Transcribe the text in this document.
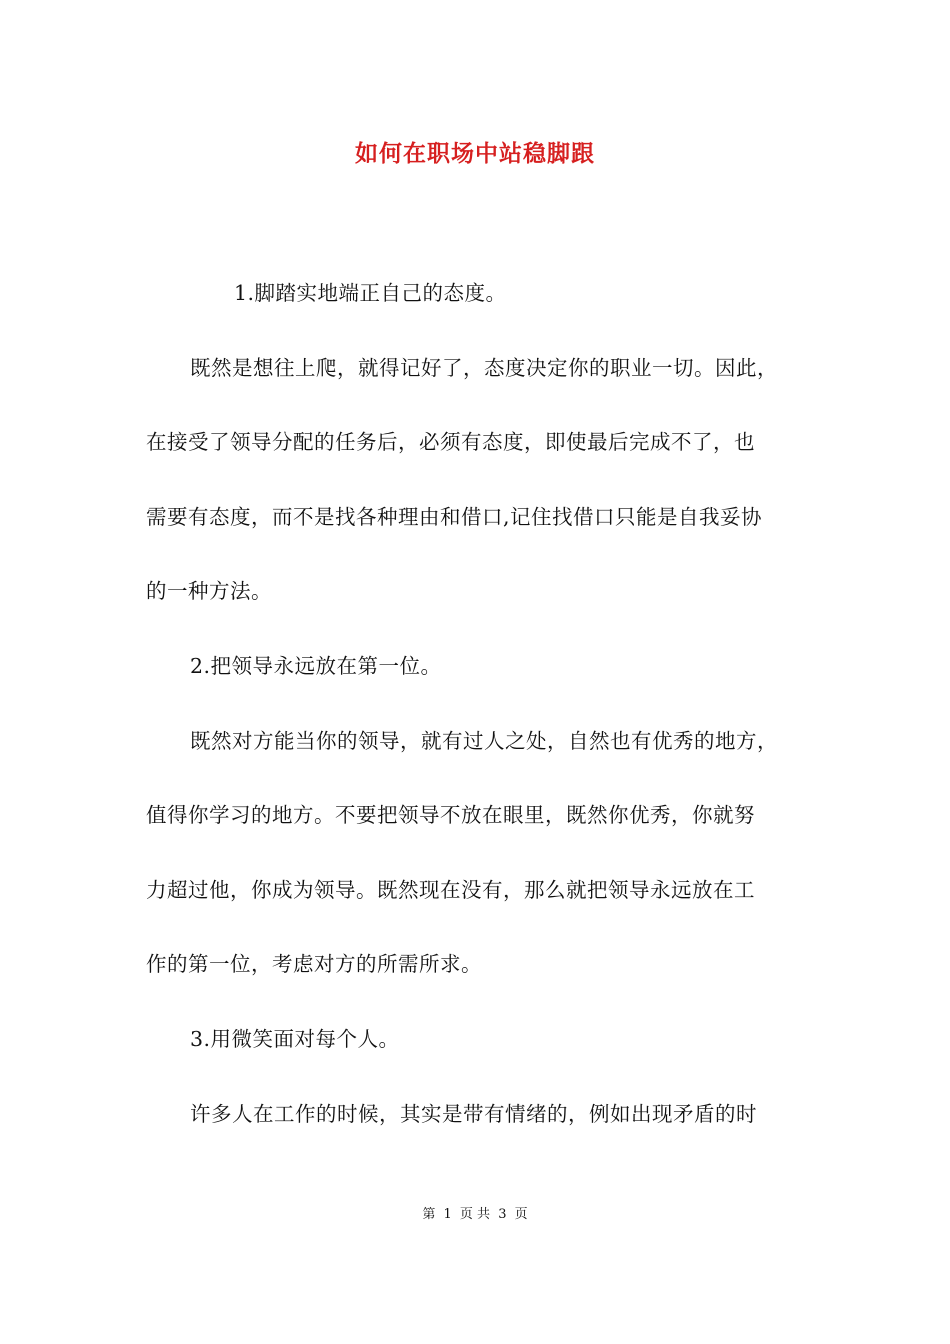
如何在职场中站稳脚跟
1.脚踏实地端正自己的态度。
既然是想往上爬，就得记好了，态度决定你的职业一切。因此，
在接受了领导分配的任务后，必须有态度，即使最后完成不了，也
需要有态度，而不是找各种理由和借口,记住找借口只能是自我妥协
的一种方法。
2.把领导永远放在第一位。
既然对方能当你的领导，就有过人之处，自然也有优秀的地方，
值得你学习的地方。不要把领导不放在眼里，既然你优秀，你就努
力超过他，你成为领导。既然现在没有，那么就把领导永远放在工
作的第一位，考虑对方的所需所求。
3.用微笑面对每个人。
许多人在工作的时候，其实是带有情绪的，例如出现矛盾的时
第 1 页 共 3 页
